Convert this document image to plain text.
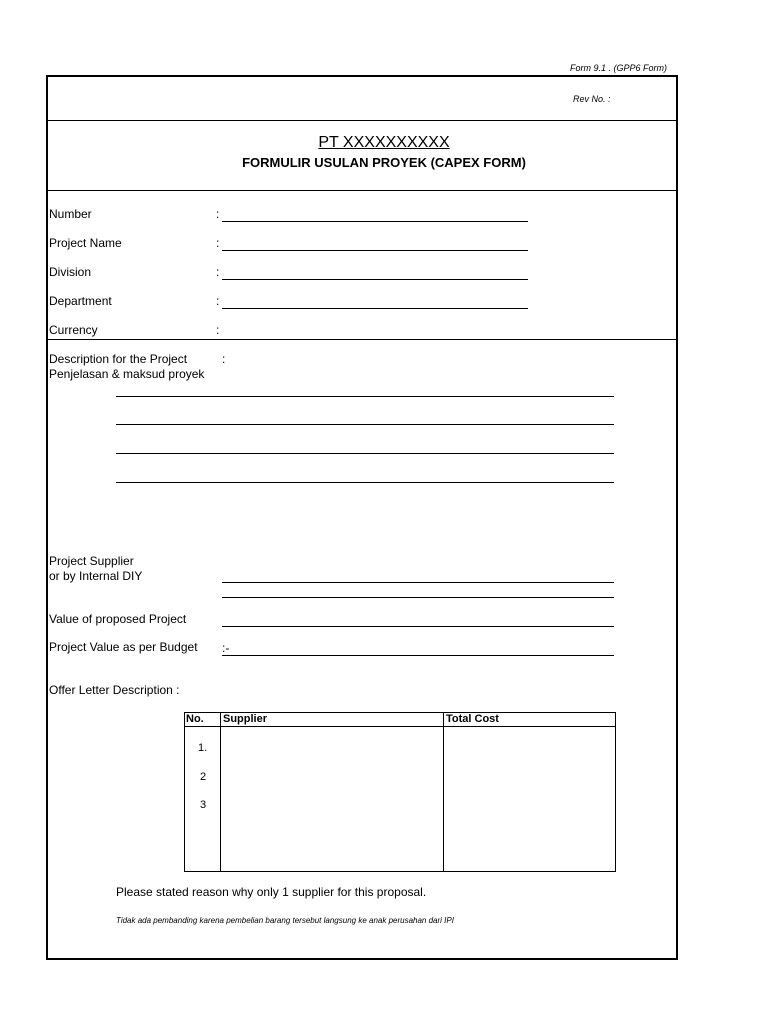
Form 9.1 . (GPP6 Form)
Rev No. :
PT XXXXXXXXXX
FORMULIR USULAN PROYEK (CAPEX FORM)
Number	:
Project Name	:
Division	:
Department	:
Currency	:
Description for the Project	:
Penjelasan & maksud proyek
Project Supplier
or by Internal DIY
Value of proposed Project
Project Value as per Budget :-
Offer Letter Description :
No. Supplier	Total Cost
1.
2
3
Please stated reason why only 1 supplier for this proposal.
Tidak ada pembanding karena pembelian barang tersebut langsung ke anak perusahan dari IPI
